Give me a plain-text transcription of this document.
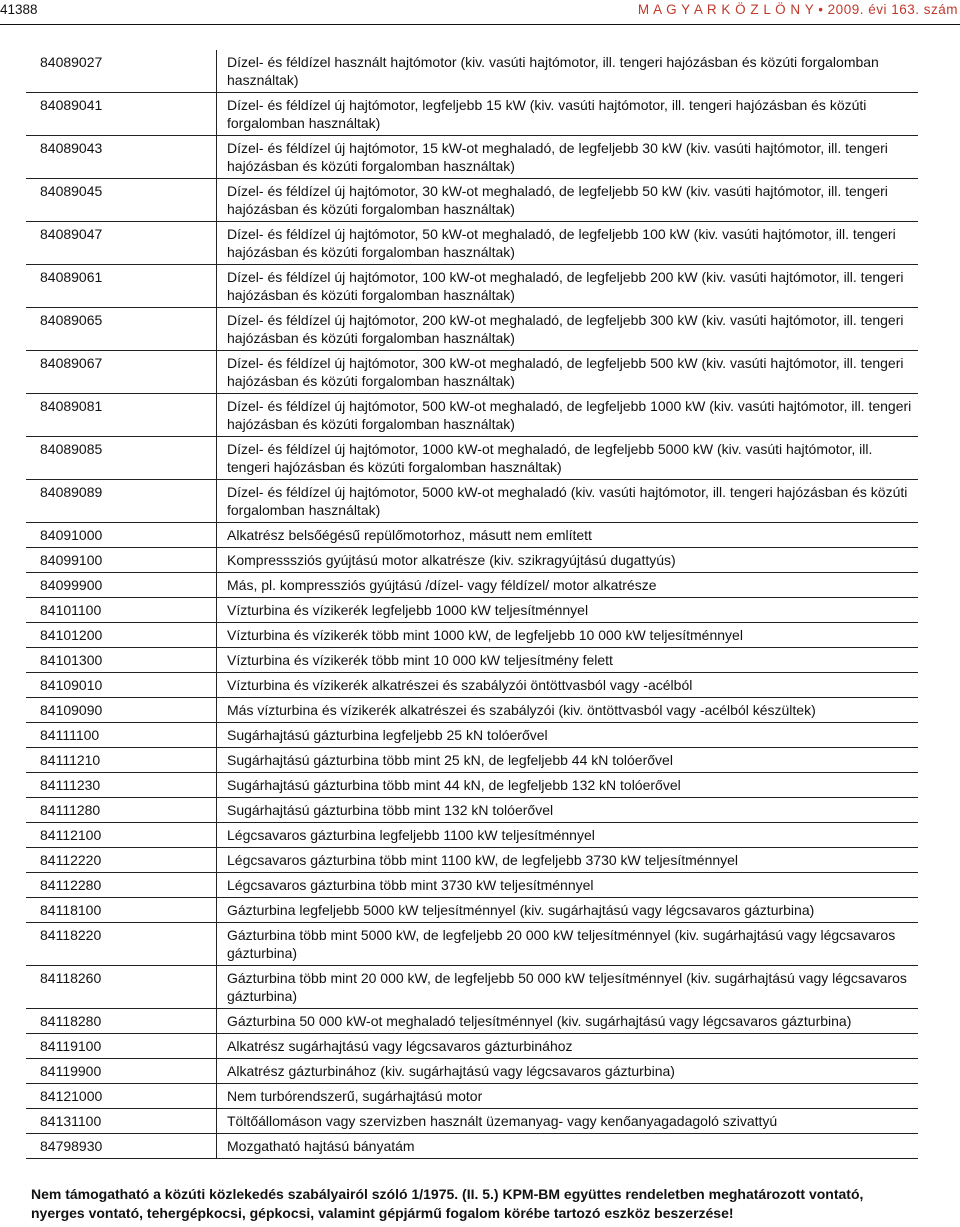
41388	M A G Y A R K Ö Z L Ö N Y • 2009. évi 163. szám
84089027	Dízel- és féldízel használt hajtómotor (kiv. vasúti hajtómotor, ill. tengeri hajózásban és közúti forgalomban használtak)
84089041	Dízel- és féldízel új hajtómotor, legfeljebb 15 kW (kiv. vasúti hajtómotor, ill. tengeri hajózásban és közúti forgalomban használtak)
84089043	Dízel- és féldízel új hajtómotor, 15 kW-ot meghaladó, de legfeljebb 30 kW (kiv. vasúti hajtómotor, ill. tengeri hajózásban és közúti forgalomban használtak)
84089045	Dízel- és féldízel új hajtómotor, 30 kW-ot meghaladó, de legfeljebb 50 kW (kiv. vasúti hajtómotor, ill. tengeri hajózásban és közúti forgalomban használtak)
84089047	Dízel- és féldízel új hajtómotor, 50 kW-ot meghaladó, de legfeljebb 100 kW (kiv. vasúti hajtómotor, ill. tengeri hajózásban és közúti forgalomban használtak)
84089061	Dízel- és féldízel új hajtómotor, 100 kW-ot meghaladó, de legfeljebb 200 kW (kiv. vasúti hajtómotor, ill. tengeri hajózásban és közúti forgalomban használtak)
84089065	Dízel- és féldízel új hajtómotor, 200 kW-ot meghaladó, de legfeljebb 300 kW (kiv. vasúti hajtómotor, ill. tengeri hajózásban és közúti forgalomban használtak)
84089067	Dízel- és féldízel új hajtómotor, 300 kW-ot meghaladó, de legfeljebb 500 kW (kiv. vasúti hajtómotor, ill. tengeri hajózásban és közúti forgalomban használtak)
84089081	Dízel- és féldízel új hajtómotor, 500 kW-ot meghaladó, de legfeljebb 1000 kW (kiv. vasúti hajtómotor, ill. tengeri hajózásban és közúti forgalomban használtak)
84089085	Dízel- és féldízel új hajtómotor, 1000 kW-ot meghaladó, de legfeljebb 5000 kW (kiv. vasúti hajtómotor, ill. tengeri hajózásban és közúti forgalomban használtak)
84089089	Dízel- és féldízel új hajtómotor, 5000 kW-ot meghaladó (kiv. vasúti hajtómotor, ill. tengeri hajózásban és közúti forgalomban használtak)
84091000	Alkatrész belsőégésű repülőmotorhoz, másutt nem említett
84099100	Kompresssziós gyújtású motor alkatrésze (kiv. szikragyújtású dugattyús)
84099900	Más, pl. kompressziós gyújtású /dízel- vagy féldízel/ motor alkatrésze
84101100	Vízturbina és vízikerék legfeljebb 1000 kW teljesítménnyel
84101200	Vízturbina és vízikerék több mint 1000 kW, de legfeljebb 10 000 kW teljesítménnyel
84101300	Vízturbina és vízikerék több mint 10 000 kW teljesítmény felett
84109010	Vízturbina és vízikerék alkatrészei és szabályzói öntöttvasból vagy -acélból
84109090	Más vízturbina és vízikerék alkatrészei és szabályzói (kiv. öntöttvasból vagy -acélból készültek)
84111100	Sugárhajtású gázturbina legfeljebb 25 kN tolóerővel
84111210	Sugárhajtású gázturbina több mint 25 kN, de legfeljebb 44 kN tolóerővel
84111230	Sugárhajtású gázturbina több mint 44 kN, de legfeljebb 132 kN tolóerővel
84111280	Sugárhajtású gázturbina több mint 132 kN tolóerővel
84112100	Légcsavaros gázturbina legfeljebb 1100 kW teljesítménnyel
84112220	Légcsavaros gázturbina több mint 1100 kW, de legfeljebb 3730 kW teljesítménnyel
84112280	Légcsavaros gázturbina több mint 3730 kW teljesítménnyel
84118100	Gázturbina legfeljebb 5000 kW teljesítménnyel (kiv. sugárhajtású vagy légcsavaros gázturbina)
84118220	Gázturbina több mint 5000 kW, de legfeljebb 20 000 kW teljesítménnyel (kiv. sugárhajtású vagy légcsavaros gázturbina)
84118260	Gázturbina több mint 20 000 kW, de legfeljebb 50 000 kW teljesítménnyel (kiv. sugárhajtású vagy légcsavaros gázturbina)
84118280	Gázturbina 50 000 kW-ot meghaladó teljesítménnyel (kiv. sugárhajtású vagy légcsavaros gázturbina)
84119100	Alkatrész sugárhajtású vagy légcsavaros gázturbinához
84119900	Alkatrész gázturbinához (kiv. sugárhajtású vagy légcsavaros gázturbina)
84121000	Nem turbórendszerű, sugárhajtású motor
84131100	Töltőállomáson vagy szervizben használt üzemanyag- vagy kenőanyagadagoló szivattyú
84798930	Mozgatható hajtású bányatám
Nem támogatható a közúti közlekedés szabályairól szóló 1/1975. (II. 5.) KPM-BM együttes rendeletben meghatározott vontató, nyerges vontató, tehergépkocsi, gépkocsi, valamint gépjármű fogalom körébe tartozó eszköz beszerzése!
